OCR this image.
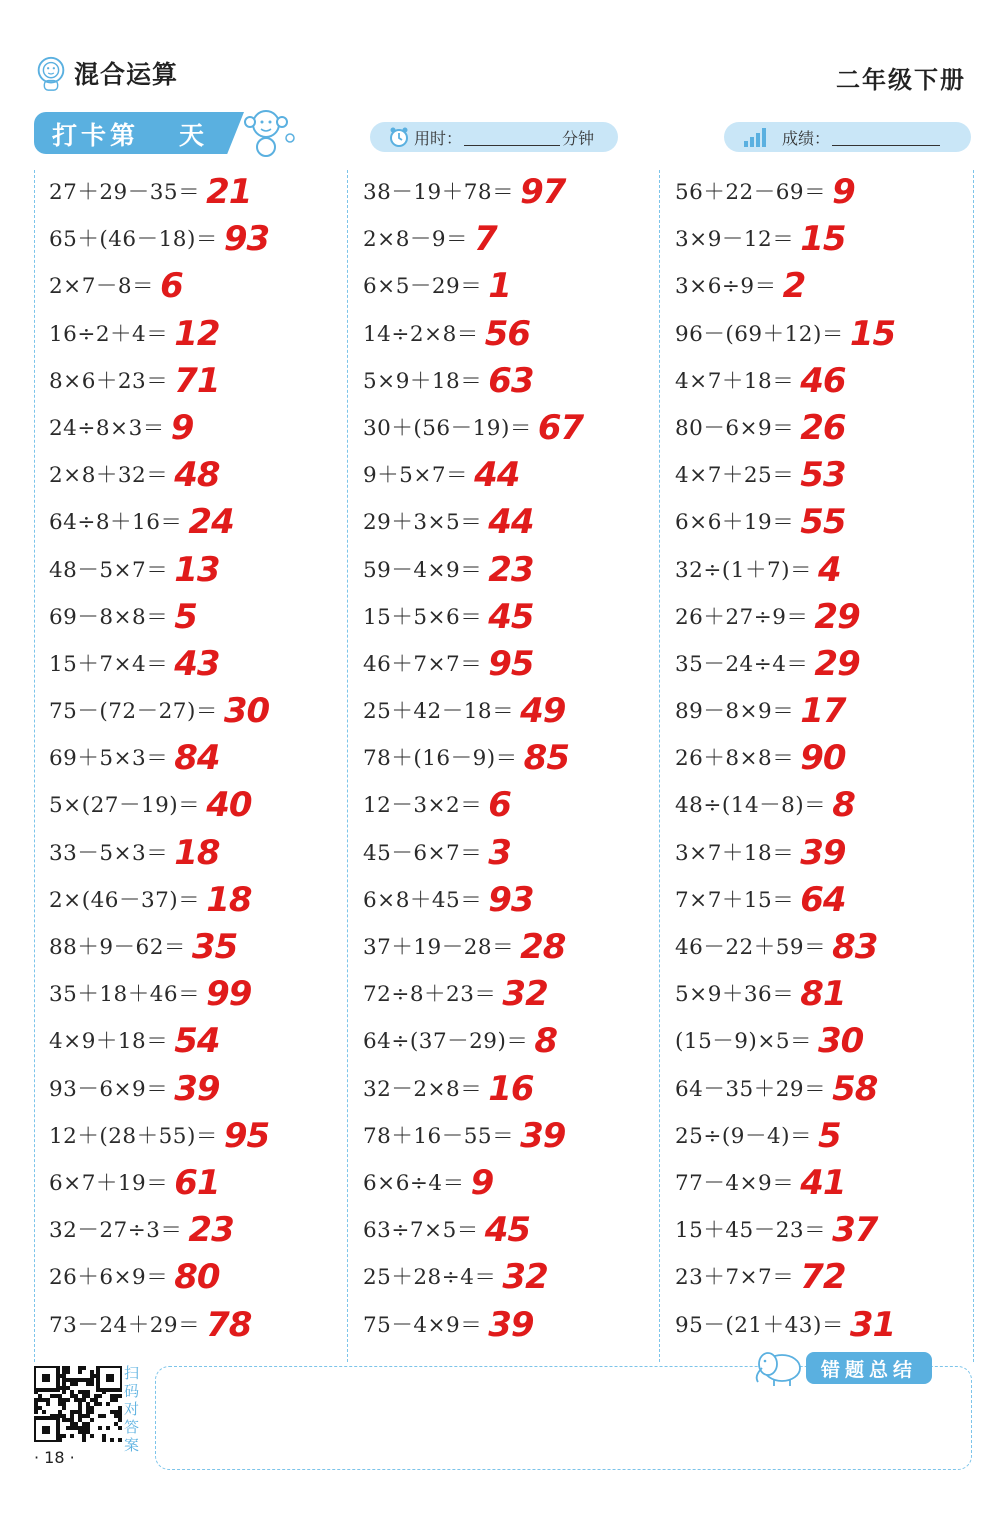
混合运算	二年级下册
打卡第 天	用时：	分钟	成绩：
27＋29－35＝ 21
65＋(46－18)＝ 93
2×7－8＝ 6
16÷2＋4＝ 12
8×6＋23＝ 71
24÷8×3＝ 9
2×8＋32＝ 48
64÷8＋16＝ 24
48－5×7＝ 13
69－8×8＝ 5
15＋7×4＝ 43
75－(72－27)＝ 30
69＋5×3＝ 84
5×(27－19)＝ 40
33－5×3＝ 18
2×(46－37)＝ 18
88＋9－62＝ 35
35＋18＋46＝ 99
4×9＋18＝ 54
93－6×9＝ 39
12＋(28＋55)＝ 95
6×7＋19＝ 61
32－27÷3＝ 23
26＋6×9＝ 80
73－24＋29＝ 78
38－19＋78＝ 97
2×8－9＝ 7
6×5－29＝ 1
14÷2×8＝ 56
5×9＋18＝ 63
30＋(56－19)＝ 67
9＋5×7＝ 44
29＋3×5＝ 44
59－4×9＝ 23
15＋5×6＝ 45
46＋7×7＝ 95
25＋42－18＝ 49
78＋(16－9)＝ 85
12－3×2＝ 6
45－6×7＝ 3
6×8＋45＝ 93
37＋19－28＝ 28
72÷8＋23＝ 32
64÷(37－29)＝ 8
32－2×8＝ 16
78＋16－55＝ 39
6×6÷4＝ 9
63÷7×5＝ 45
25＋28÷4＝ 32
75－4×9＝ 39
56＋22－69＝ 9
3×9－12＝ 15
3×6÷9＝ 2
96－(69＋12)＝ 15
4×7＋18＝ 46
80－6×9＝ 26
4×7＋25＝ 53
6×6＋19＝ 55
32÷(1＋7)＝ 4
26＋27÷9＝ 29
35－24÷4＝ 29
89－8×9＝ 17
26＋8×8＝ 90
48÷(14－8)＝ 8
3×7＋18＝ 39
7×7＋15＝ 64
46－22＋59＝ 83
5×9＋36＝ 81
(15－9)×5＝ 30
64－35＋29＝ 58
25÷(9－4)＝ 5
77－4×9＝ 41
15＋45－23＝ 37
23＋7×7＝ 72
95－(21＋43)＝ 31
扫码对答案
· 18 ·
错题总结
